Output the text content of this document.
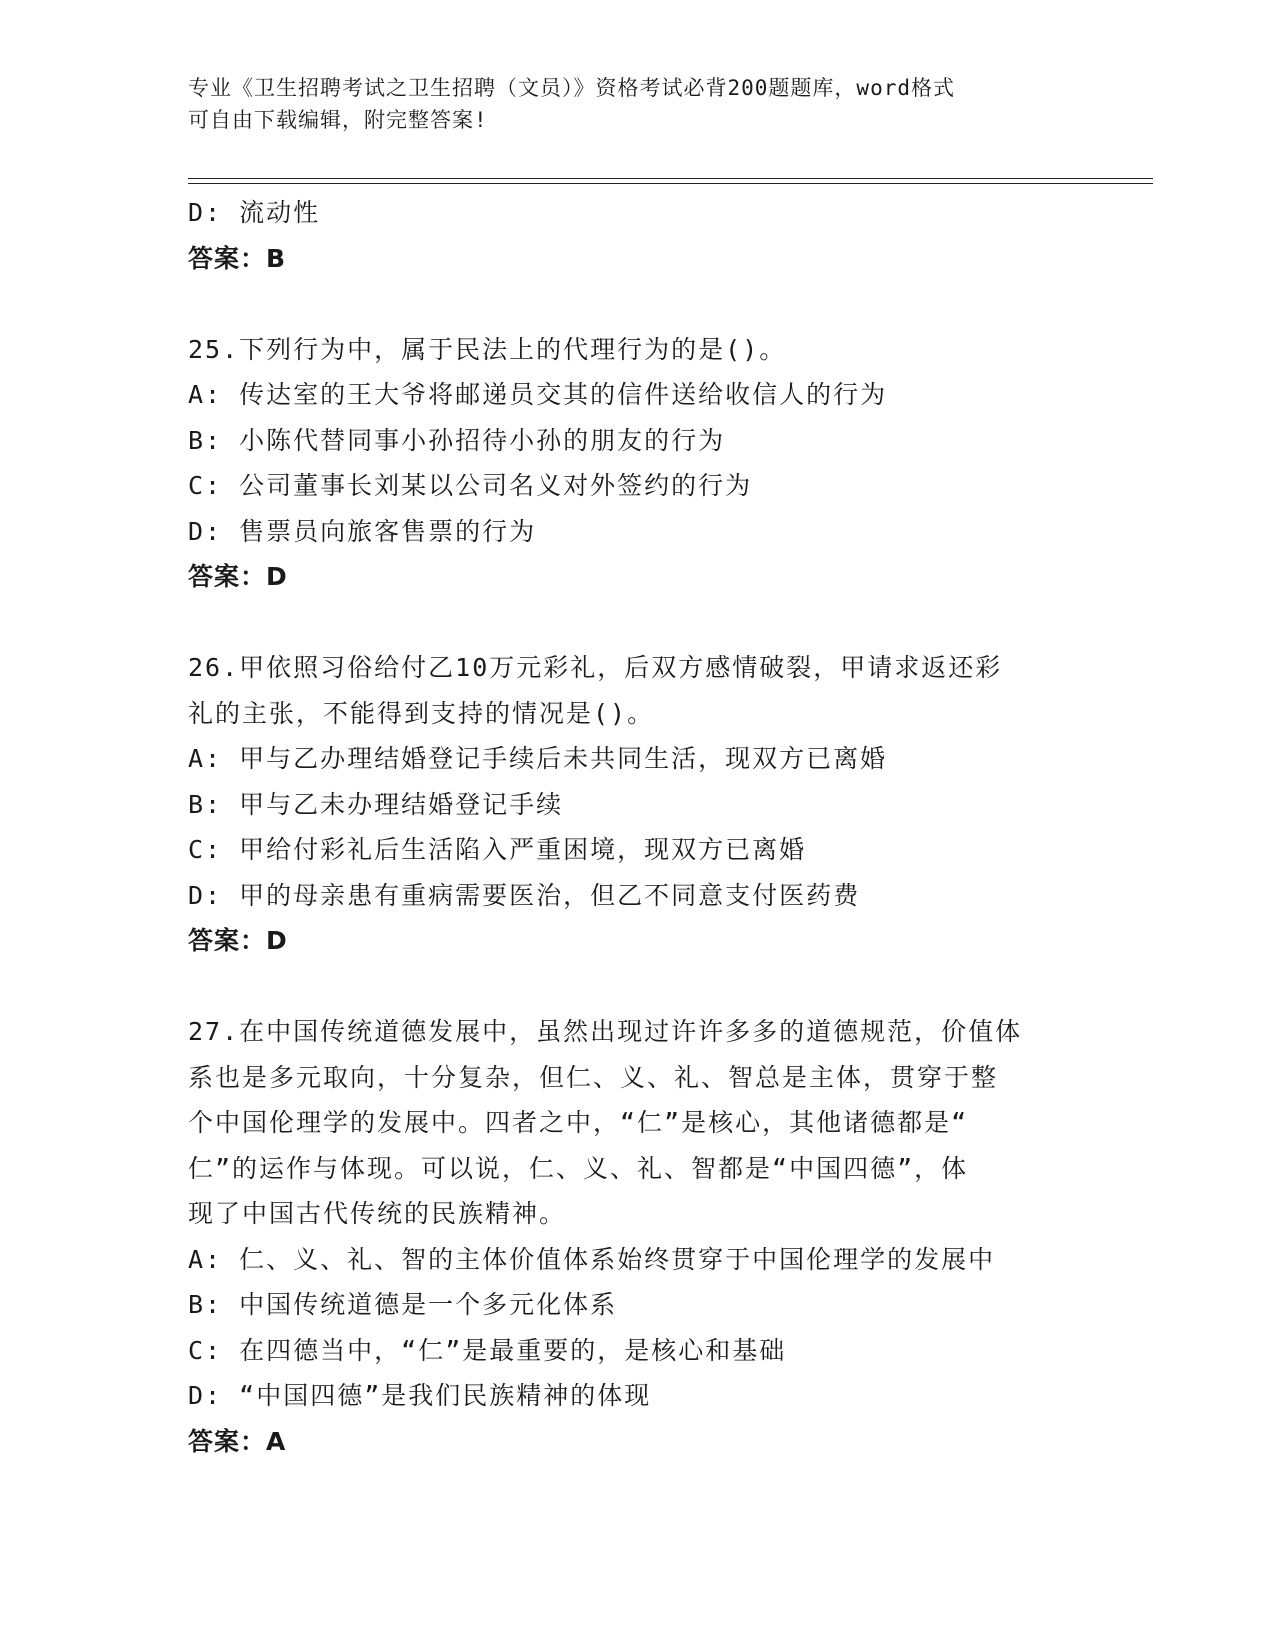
专业《卫生招聘考试之卫生招聘（文员）》资格考试必背200题题库，word格式
可自由下载编辑，附完整答案!
D: 流动性
答案：B
25.下列行为中，属于民法上的代理行为的是()。
A: 传达室的王大爷将邮递员交其的信件送给收信人的行为
B: 小陈代替同事小孙招待小孙的朋友的行为
C: 公司董事长刘某以公司名义对外签约的行为
D: 售票员向旅客售票的行为
答案：D
26.甲依照习俗给付乙10万元彩礼，后双方感情破裂，甲请求返还彩
礼的主张，不能得到支持的情况是()。
A: 甲与乙办理结婚登记手续后未共同生活，现双方已离婚
B: 甲与乙未办理结婚登记手续
C: 甲给付彩礼后生活陷入严重困境，现双方已离婚
D: 甲的母亲患有重病需要医治，但乙不同意支付医药费
答案：D
27.在中国传统道德发展中，虽然出现过许许多多的道德规范，价值体
系也是多元取向，十分复杂，但仁、义、礼、智总是主体，贯穿于整
个中国伦理学的发展中。四者之中，“仁”是核心，其他诸德都是“
仁”的运作与体现。可以说，仁、义、礼、智都是“中国四德”，体
现了中国古代传统的民族精神。
A: 仁、义、礼、智的主体价值体系始终贯穿于中国伦理学的发展中
B: 中国传统道德是一个多元化体系
C: 在四德当中，“仁”是最重要的，是核心和基础
D: “中国四德”是我们民族精神的体现
答案：A
